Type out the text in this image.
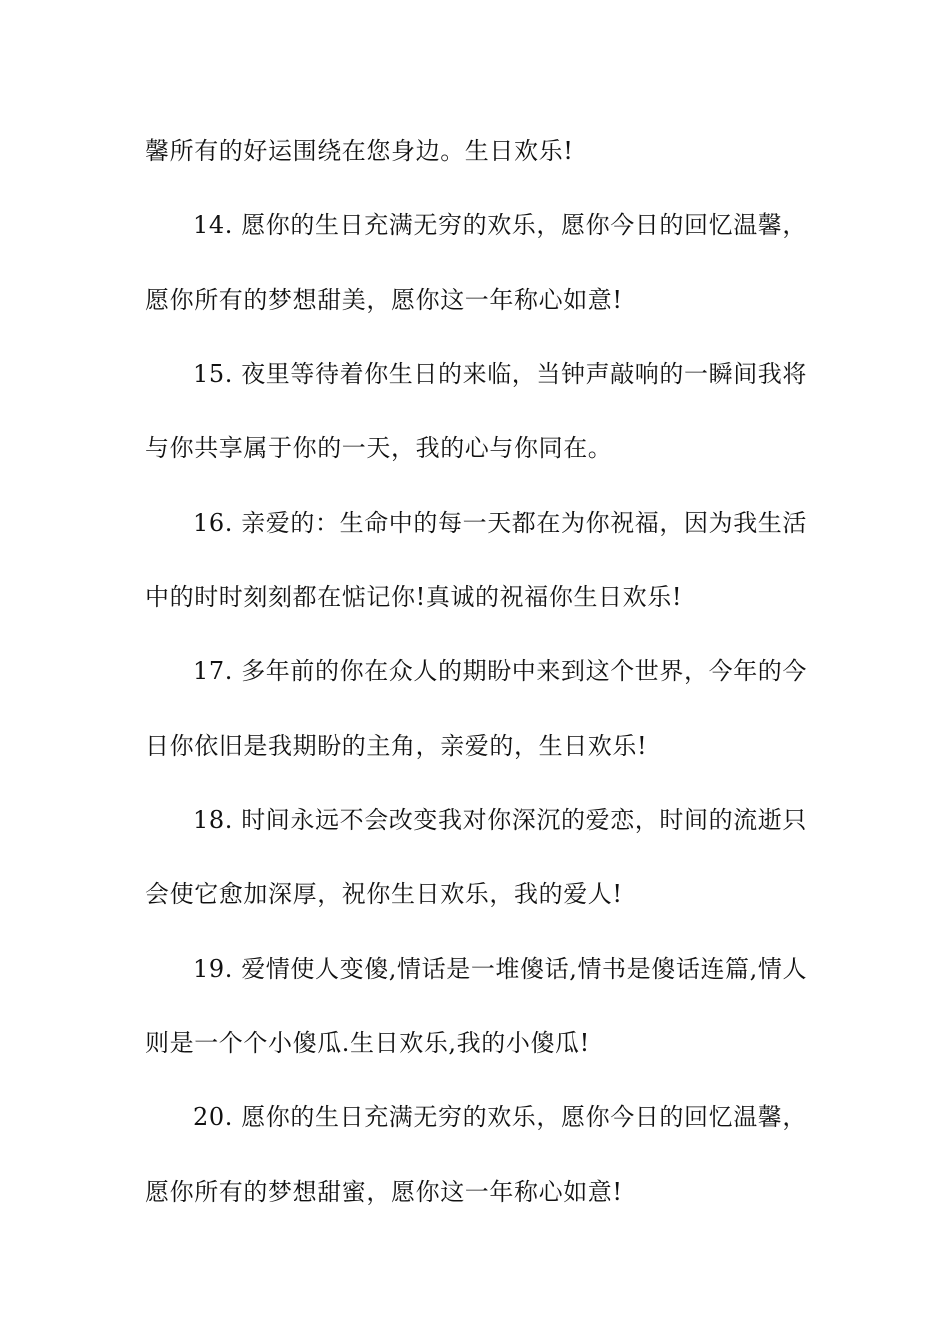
馨所有的好运围绕在您身边。生日欢乐!
14. 愿你的生日充满无穷的欢乐，愿你今日的回忆温馨，
愿你所有的梦想甜美，愿你这一年称心如意!
15. 夜里等待着你生日的来临，当钟声敲响的一瞬间我将
与你共享属于你的一天，我的心与你同在。
16. 亲爱的：生命中的每一天都在为你祝福，因为我生活
中的时时刻刻都在惦记你!真诚的祝福你生日欢乐!
17. 多年前的你在众人的期盼中来到这个世界，今年的今
日你依旧是我期盼的主角，亲爱的，生日欢乐!
18. 时间永远不会改变我对你深沉的爱恋，时间的流逝只
会使它愈加深厚，祝你生日欢乐，我的爱人!
19. 爱情使人变傻,情话是一堆傻话,情书是傻话连篇,情人
则是一个个小傻瓜.生日欢乐,我的小傻瓜!
20. 愿你的生日充满无穷的欢乐，愿你今日的回忆温馨，
愿你所有的梦想甜蜜，愿你这一年称心如意!
